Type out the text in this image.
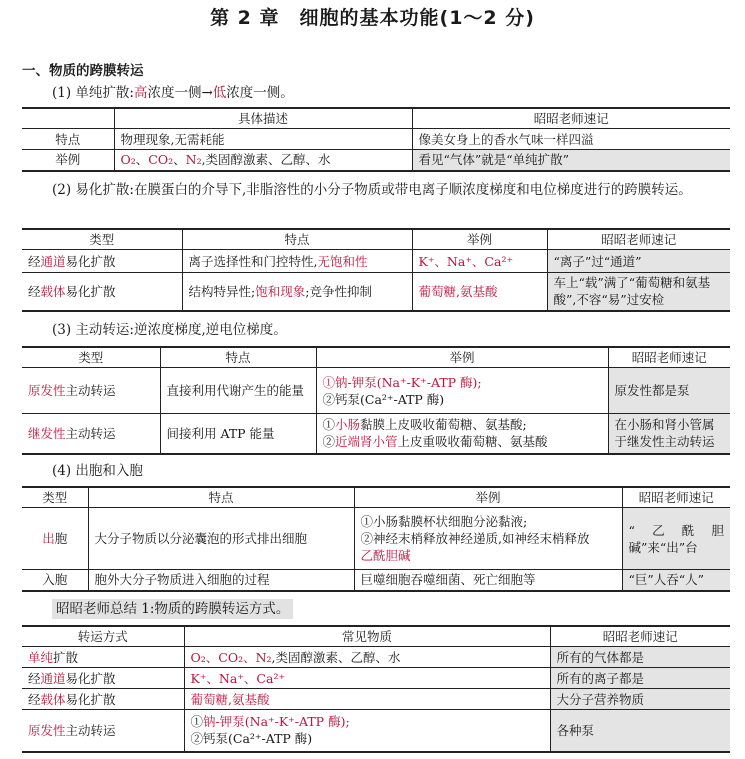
第 2 章　细胞的基本功能(1～2 分)
一、物质的跨膜转运
(1) 单纯扩散:高浓度一侧→低浓度一侧。
	具体描述	昭昭老师速记
特点	物理现象,无需耗能	像美女身上的香水气味一样四溢
举例	O₂、CO₂、N₂,类固醇激素、乙醇、水	看见“气体”就是“单纯扩散”
(2) 易化扩散:在膜蛋白的介导下,非脂溶性的小分子物质或带电离子顺浓度梯度和电位梯度进行的跨膜转运。
类型	特点	举例	昭昭老师速记
经通道易化扩散	离子选择性和门控特性,无饱和性	K⁺、Na⁺、Ca²⁺	“离子”过“通道”
经载体易化扩散	结构特异性;饱和现象;竞争性抑制	葡萄糖,氨基酸	车上“载”满了“葡萄糖和氨基酸”,不容“易”过安检
(3) 主动转运:逆浓度梯度,逆电位梯度。
类型	特点	举例	昭昭老师速记
原发性主动转运	直接利用代谢产生的能量	①钠-钾泵(Na⁺-K⁺-ATP 酶);
②钙泵(Ca²⁺-ATP 酶)	原发性都是泵
继发性主动转运	间接利用 ATP 能量	①小肠黏膜上皮吸收葡萄糖、氨基酸;
②近端肾小管上皮重吸收葡萄糖、氨基酸	在小肠和肾小管属于继发性主动转运
(4) 出胞和入胞
类型	特点	举例	昭昭老师速记
出胞	大分子物质以分泌囊泡的形式排出细胞	①小肠黏膜杯状细胞分泌黏液;
②神经末梢释放神经递质,如神经末梢释放
乙酰胆碱	“乙酰胆碱”来“出”台
入胞	胞外大分子物质进入细胞的过程	巨噬细胞吞噬细菌、死亡细胞等	“巨”人吞“人”
昭昭老师总结 1:物质的跨膜转运方式。
转运方式	常见物质	昭昭老师速记
单纯扩散	O₂、CO₂、N₂,类固醇激素、乙醇、水	所有的气体都是
经通道易化扩散	K⁺、Na⁺、Ca²⁺	所有的离子都是
经载体易化扩散	葡萄糖,氨基酸	大分子营养物质
原发性主动转运	①钠-钾泵(Na⁺-K⁺-ATP 酶);
②钙泵(Ca²⁺-ATP 酶)	各种泵
